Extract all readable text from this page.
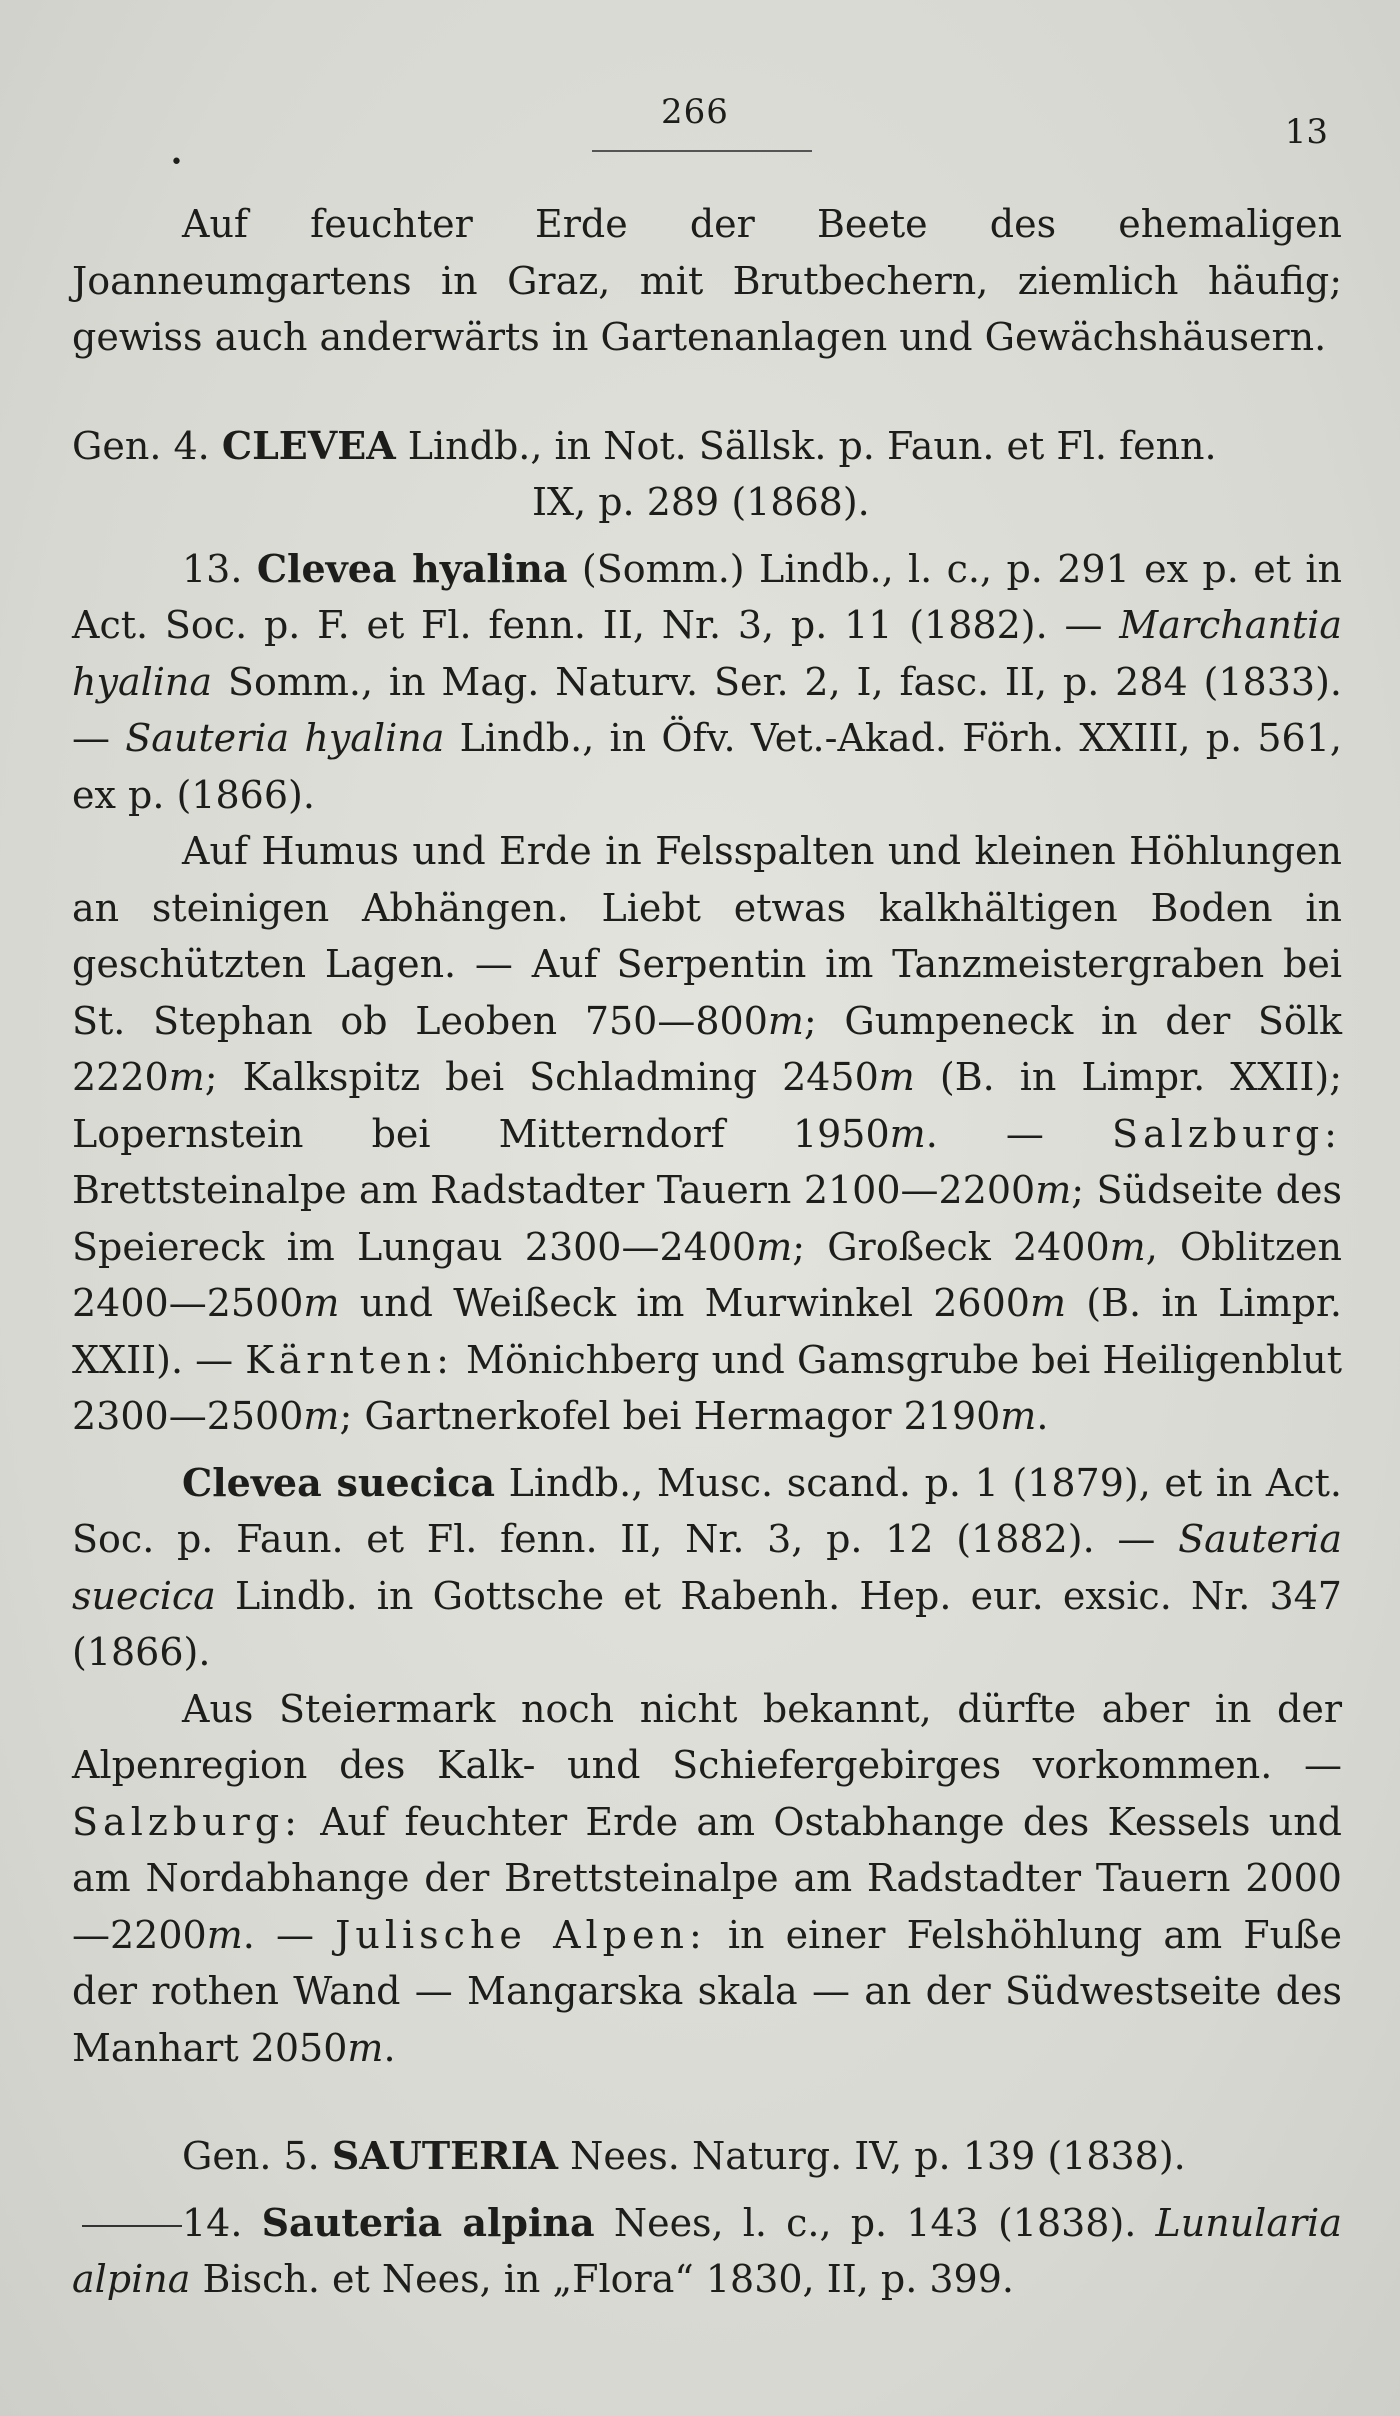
266	13
•

Auf feuchter Erde der Beete des ehemaligen Joanneumgartens in Graz, mit Brutbechern, ziemlich häufig; gewiss auch anderwärts in Gartenanlagen und Gewächshäusern.

Gen. 4. CLEVEA Lindb., in Not. Sällsk. p. Faun. et Fl. fenn.

IX, p. 289 (1868).

13. Clevea hyalina (Somm.) Lindb., l. c., p. 291 ex p. et in Act. Soc. p. F. et Fl. fenn. II, Nr. 3, p. 11 (1882). — Marchantia hyalina Somm., in Mag. Naturv. Ser. 2, I, fasc. II, p. 284 (1833). — Sauteria hyalina Lindb., in Öfv. Vet.-Akad. Förh. XXIII, p. 561, ex p. (1866).

Auf Humus und Erde in Felsspalten und kleinen Höhlungen an steinigen Abhängen. Liebt etwas kalkhältigen Boden in geschützten Lagen. — Auf Serpentin im Tanzmeistergraben bei St. Stephan ob Leoben 750—800m; Gumpeneck in der Sölk 2220m; Kalkspitz bei Schladming 2450m (B. in Limpr. XXII); Lopernstein bei Mitterndorf 1950m. — Salzburg: Brettsteinalpe am Radstadter Tauern 2100—2200m; Südseite des Speiereck im Lungau 2300—2400m; Großeck 2400m, Oblitzen 2400—2500m und Weißeck im Murwinkel 2600m (B. in Limpr. XXII). — Kärnten: Mönichberg und Gamsgrube bei Heiligenblut 2300—2500m; Gartnerkofel bei Hermagor 2190m.

Clevea suecica Lindb., Musc. scand. p. 1 (1879), et in Act. Soc. p. Faun. et Fl. fenn. II, Nr. 3, p. 12 (1882). — Sauteria suecica Lindb. in Gottsche et Rabenh. Hep. eur. exsic. Nr. 347 (1866).

Aus Steiermark noch nicht bekannt, dürfte aber in der Alpenregion des Kalk- und Schiefergebirges vorkommen. — Salzburg: Auf feuchter Erde am Ostabhange des Kessels und am Nordabhange der Brettsteinalpe am Radstadter Tauern 2000—2200m. — Julische Alpen: in einer Felshöhlung am Fuße der rothen Wand — Mangarska skala — an der Südwestseite des Manhart 2050m.

Gen. 5. SAUTERIA Nees. Naturg. IV, p. 139 (1838).

14. Sauteria alpina Nees, l. c., p. 143 (1838). Lunularia alpina Bisch. et Nees, in „Flora“ 1830, II, p. 399.
